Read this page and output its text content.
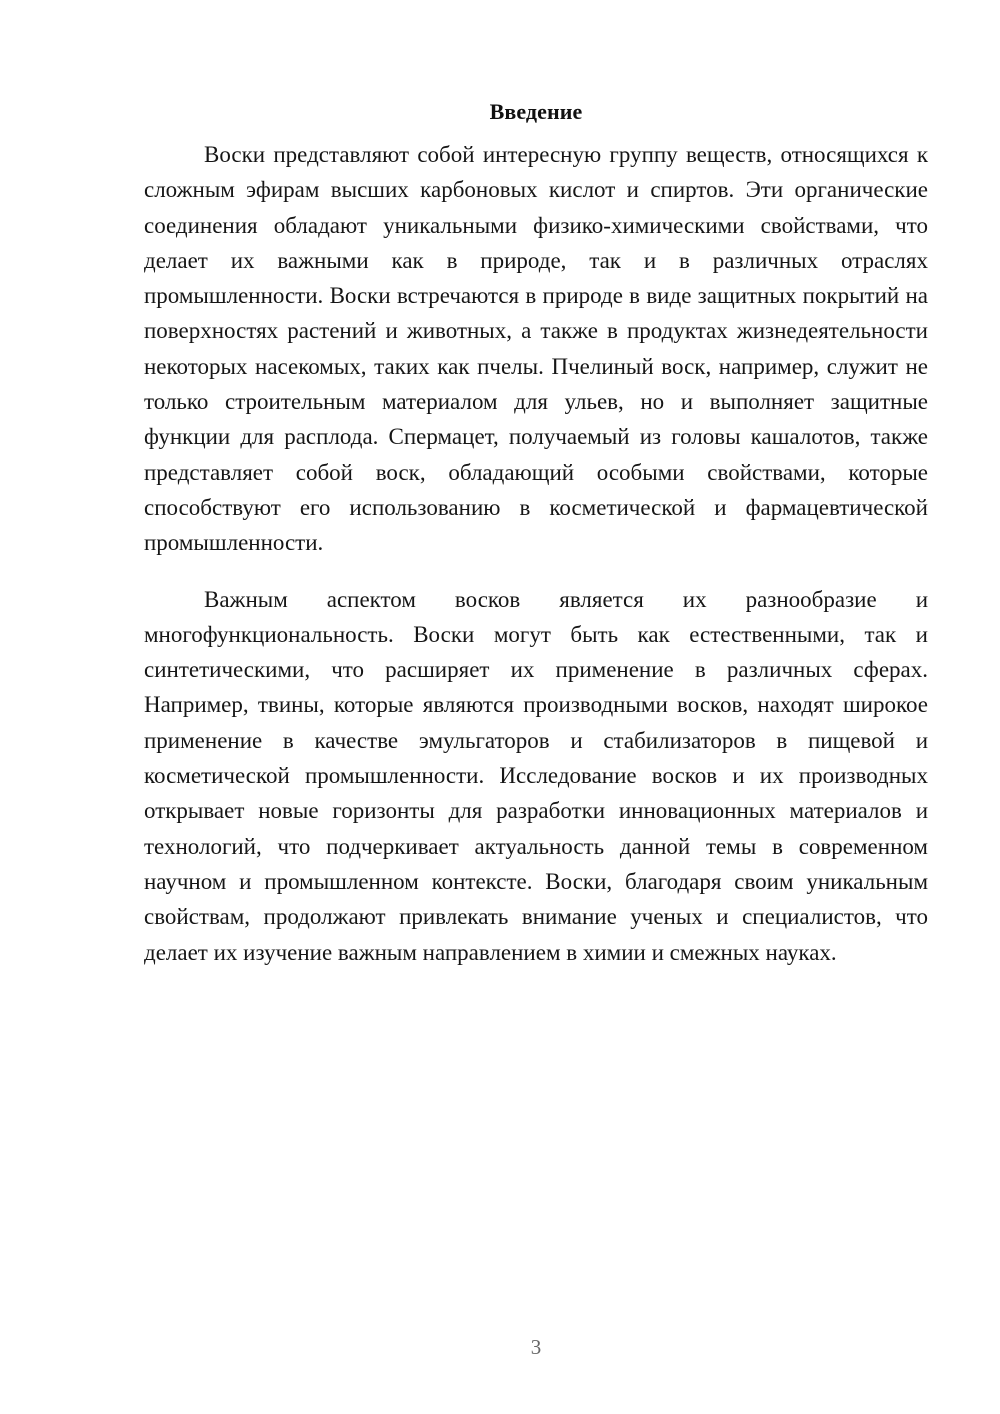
Введение

Воски представляют собой интересную группу веществ, относящихся к сложным эфирам высших карбоновых кислот и спиртов. Эти органические соединения обладают уникальными физико-химическими свойствами, что делает их важными как в природе, так и в различных отраслях промышленности. Воски встречаются в природе в виде защитных покрытий на поверхностях растений и животных, а также в продуктах жизнедеятельности некоторых насекомых, таких как пчелы. Пчелиный воск, например, служит не только строительным материалом для ульев, но и выполняет защитные функции для расплода. Спермацет, получаемый из головы кашалотов, также представляет собой воск, обладающий особыми свойствами, которые способствуют его использованию в косметической и фармацевтической промышленности.

Важным аспектом восков является их разнообразие и многофункциональность. Воски могут быть как естественными, так и синтетическими, что расширяет их применение в различных сферах. Например, твины, которые являются производными восков, находят широкое применение в качестве эмульгаторов и стабилизаторов в пищевой и косметической промышленности. Исследование восков и их производных открывает новые горизонты для разработки инновационных материалов и технологий, что подчеркивает актуальность данной темы в современном научном и промышленном контексте. Воски, благодаря своим уникальным свойствам, продолжают привлекать внимание ученых и специалистов, что делает их изучение важным направлением в химии и смежных науках.

3
